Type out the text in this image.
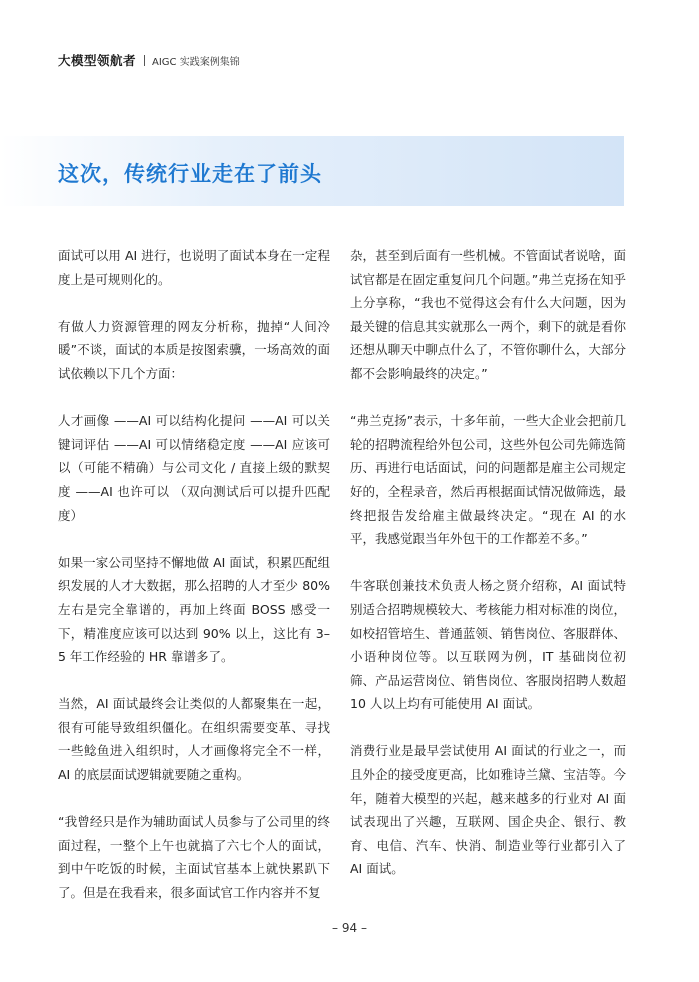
大模型领航者 AIGC 实践案例集锦
这次，传统行业走在了前头

面试可以用 AI 进行，也说明了面试本身在一定程度上是可规则化的。

有做人力资源管理的网友分析称，抛掉“人间冷暖”不谈，面试的本质是按图索骥，一场高效的面试依赖以下几个方面：

人才画像 ——AI 可以结构化提问 ——AI 可以关键词评估 ——AI 可以情绪稳定度 ——AI 应该可以（可能不精确）与公司文化 / 直接上级的默契度 ——AI 也许可以 （双向测试后可以提升匹配度）

如果一家公司坚持不懈地做 AI 面试，积累匹配组织发展的人才大数据，那么招聘的人才至少 80% 左右是完全靠谱的，再加上终面 BOSS 感受一下，精准度应该可以达到 90% 以上，这比有 3–5 年工作经验的 HR 靠谱多了。

当然，AI 面试最终会让类似的人都聚集在一起，很有可能导致组织僵化。在组织需要变革、寻找一些鲶鱼进入组织时，人才画像将完全不一样，AI 的底层面试逻辑就要随之重构。

“我曾经只是作为辅助面试人员参与了公司里的终面过程，一整个上午也就搞了六七个人的面试，到中午吃饭的时候，主面试官基本上就快累趴下了。但是在我看来，很多面试官工作内容并不复

杂，甚至到后面有一些机械。不管面试者说啥，面试官都是在固定重复问几个问题。”弗兰克扬在知乎上分享称，“我也不觉得这会有什么大问题，因为最关键的信息其实就那么一两个，剩下的就是看你还想从聊天中聊点什么了，不管你聊什么，大部分都不会影响最终的决定。”

“弗兰克扬”表示，十多年前，一些大企业会把前几轮的招聘流程给外包公司，这些外包公司先筛选简历、再进行电话面试，问的问题都是雇主公司规定好的，全程录音，然后再根据面试情况做筛选，最终把报告发给雇主做最终决定。“现在 AI 的水平，我感觉跟当年外包干的工作都差不多。”

牛客联创兼技术负责人杨之贤介绍称，AI 面试特别适合招聘规模较大、考核能力相对标准的岗位，如校招管培生、普通蓝领、销售岗位、客服群体、小语种岗位等。以互联网为例，IT 基础岗位初筛、产品运营岗位、销售岗位、客服岗招聘人数超 10 人以上均有可能使用 AI 面试。

消费行业是最早尝试使用 AI 面试的行业之一，而且外企的接受度更高，比如雅诗兰黛、宝洁等。今年，随着大模型的兴起，越来越多的行业对 AI 面试表现出了兴趣，互联网、国企央企、银行、教育、电信、汽车、快消、制造业等行业都引入了 AI 面试。

– 94 –
